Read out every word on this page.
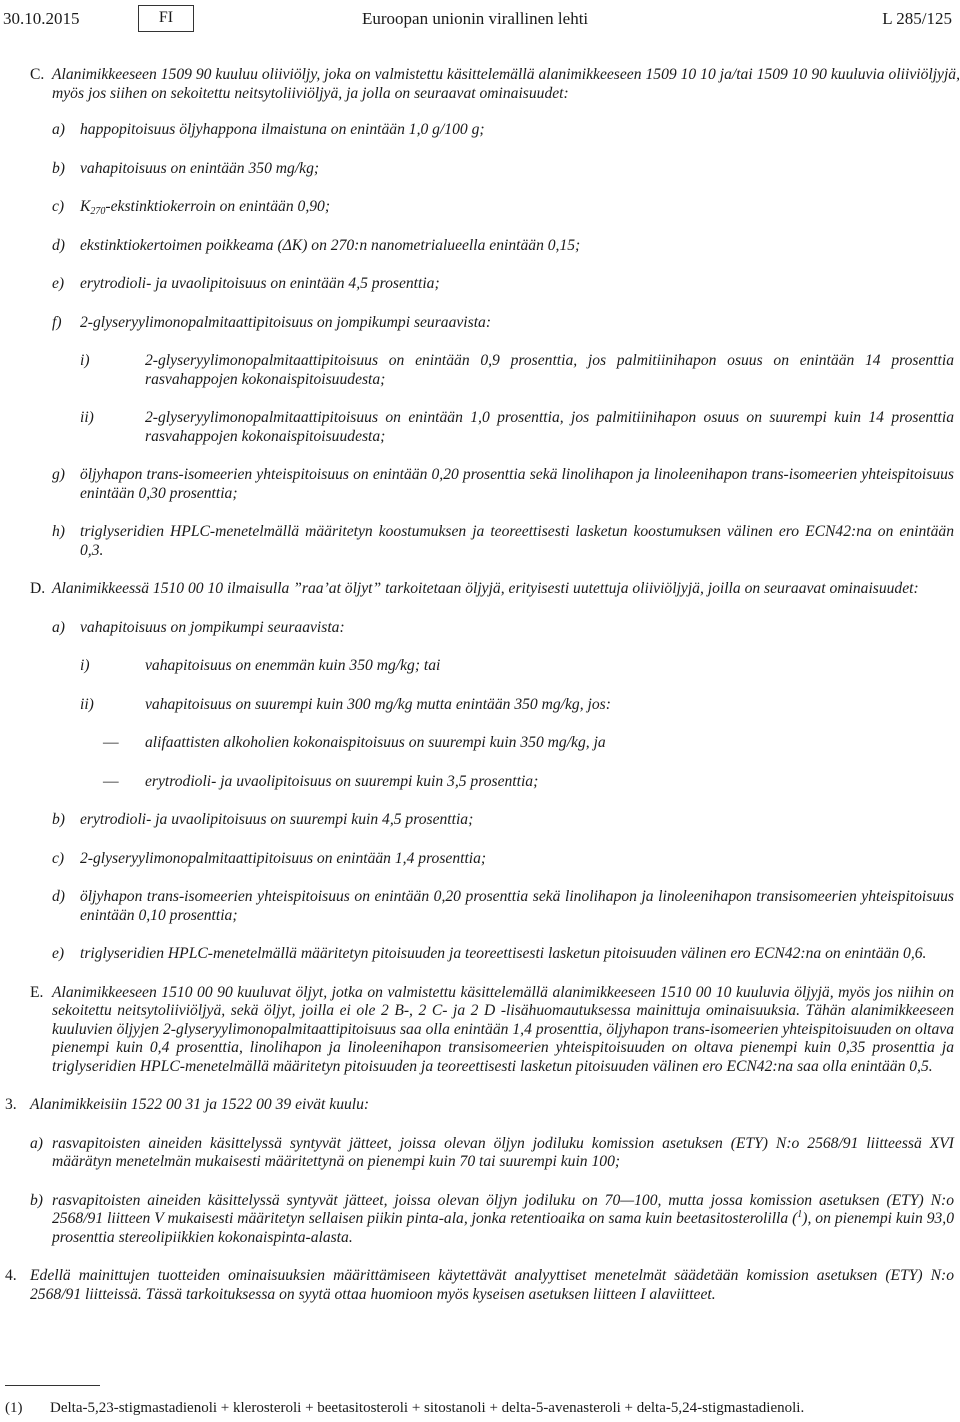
30.10.2015	FI	Euroopan unionin virallinen lehti	L 285/125
C. Alanimikkeeseen 1509 90 kuuluu oliiviöljy, joka on valmistettu käsittelemällä alanimikkeeseen 1509 10 10 ja/tai 1509 10 90 kuuluvia oliiviöljyjä, myös jos siihen on sekoitettu neitsytoliiviöljyä, ja jolla on seuraavat ominaisuudet:
a) happopitoisuus öljyhappona ilmaistuna on enintään 1,0 g/100 g;
b) vahapitoisuus on enintään 350 mg/kg;
c) $K_{270}$-ekstinktiokerroin on enintään 0,90;
d) ekstinktiokertoimen poikkeama (ΔK) on 270:n nanometrialueella enintään 0,15;
e) erytrodioli- ja uvaolipitoisuus on enintään 4,5 prosenttia;
f) 2-glyseryylimonopalmitaattipitoisuus on jompikumpi seuraavista:
i)	2-glyseryylimonopalmitaattipitoisuus on enintään 0,9 prosenttia, jos palmitiinihapon osuus on enintään 14 prosenttia rasvahappojen kokonaispitoisuudesta;
ii)	2-glyseryylimonopalmitaattipitoisuus on enintään 1,0 prosenttia, jos palmitiinihapon osuus on suurempi kuin 14 prosenttia rasvahappojen kokonaispitoisuudesta;
g) öljyhapon trans-isomeerien yhteispitoisuus on enintään 0,20 prosenttia sekä linolihapon ja linoleenihapon trans-isomeerien yhteispitoisuus enintään 0,30 prosenttia;
h) triglyseridien HPLC-menetelmällä määritetyn koostumuksen ja teoreettisesti lasketun koostumuksen välinen ero ECN42:na on enintään 0,3.
D. Alanimikkeessä 1510 00 10 ilmaisulla ”raa’at öljyt” tarkoitetaan öljyjä, erityisesti uutettuja oliiviöljyjä, joilla on seuraavat ominaisuudet:
a) vahapitoisuus on jompikumpi seuraavista:
i)	vahapitoisuus on enemmän kuin 350 mg/kg; tai
ii)	vahapitoisuus on suurempi kuin 300 mg/kg mutta enintään 350 mg/kg, jos:
— alifaattisten alkoholien kokonaispitoisuus on suurempi kuin 350 mg/kg, ja
— erytrodioli- ja uvaolipitoisuus on suurempi kuin 3,5 prosenttia;
b) erytrodioli- ja uvaolipitoisuus on suurempi kuin 4,5 prosenttia;
c) 2-glyseryylimonopalmitaattipitoisuus on enintään 1,4 prosenttia;
d) öljyhapon trans-isomeerien yhteispitoisuus on enintään 0,20 prosenttia sekä linolihapon ja linoleenihapon transisomeerien yhteispitoisuus enintään 0,10 prosenttia;
e) triglyseridien HPLC-menetelmällä määritetyn pitoisuuden ja teoreettisesti lasketun pitoisuuden välinen ero ECN42:na on enintään 0,6.
E. Alanimikkeeseen 1510 00 90 kuuluvat öljyt, jotka on valmistettu käsittelemällä alanimikkeeseen 1510 00 10 kuuluvia öljyjä, myös jos niihin on sekoitettu neitsytoliiviöljyä, sekä öljyt, joilla ei ole 2 B-, 2 C- ja 2 D -lisähuomautuksessa mainittuja ominaisuuksia. Tähän alanimikkeeseen kuuluvien öljyjen 2-glyseryylimonopalmitaattipitoisuus saa olla enintään 1,4 prosenttia, öljyhapon trans-isomeerien yhteispitoisuuden on oltava pienempi kuin 0,4 prosenttia, linolihapon ja linoleenihapon transisomeerien yhteispitoisuuden on oltava pienempi kuin 0,35 prosenttia ja triglyseridien HPLC-menetelmällä määritetyn pitoisuuden ja teoreettisesti lasketun pitoisuuden välinen ero ECN42:na saa olla enintään 0,5.
3. Alanimikkeisiin 1522 00 31 ja 1522 00 39 eivät kuulu:
a) rasvapitoisten aineiden käsittelyssä syntyvät jätteet, joissa olevan öljyn jodiluku komission asetuksen (ETY) N:o 2568/91 liitteessä XVI määrätyn menetelmän mukaisesti määritettynä on pienempi kuin 70 tai suurempi kuin 100;
b) rasvapitoisten aineiden käsittelyssä syntyvät jätteet, joissa olevan öljyn jodiluku on 70—100, mutta jossa komission asetuksen (ETY) N:o 2568/91 liitteen V mukaisesti määritetyn sellaisen piikin pinta-ala, jonka retentioaika on sama kuin beetasitosterolilla ($^1$), on pienempi kuin 93,0 prosenttia stereolipiikkien kokonaispinta-alasta.
4. Edellä mainittujen tuotteiden ominaisuuksien määrittämiseen käytettävät analyyttiset menetelmät säädetään komission asetuksen (ETY) N:o 2568/91 liitteissä. Tässä tarkoituksessa on syytä ottaa huomioon myös kyseisen asetuksen liitteen I alaviitteet.
(1) Delta-5,23-stigmastadienoli + klerosteroli + beetasitosteroli + sitostanoli + delta-5-avenasteroli + delta-5,24-stigmastadienoli.
